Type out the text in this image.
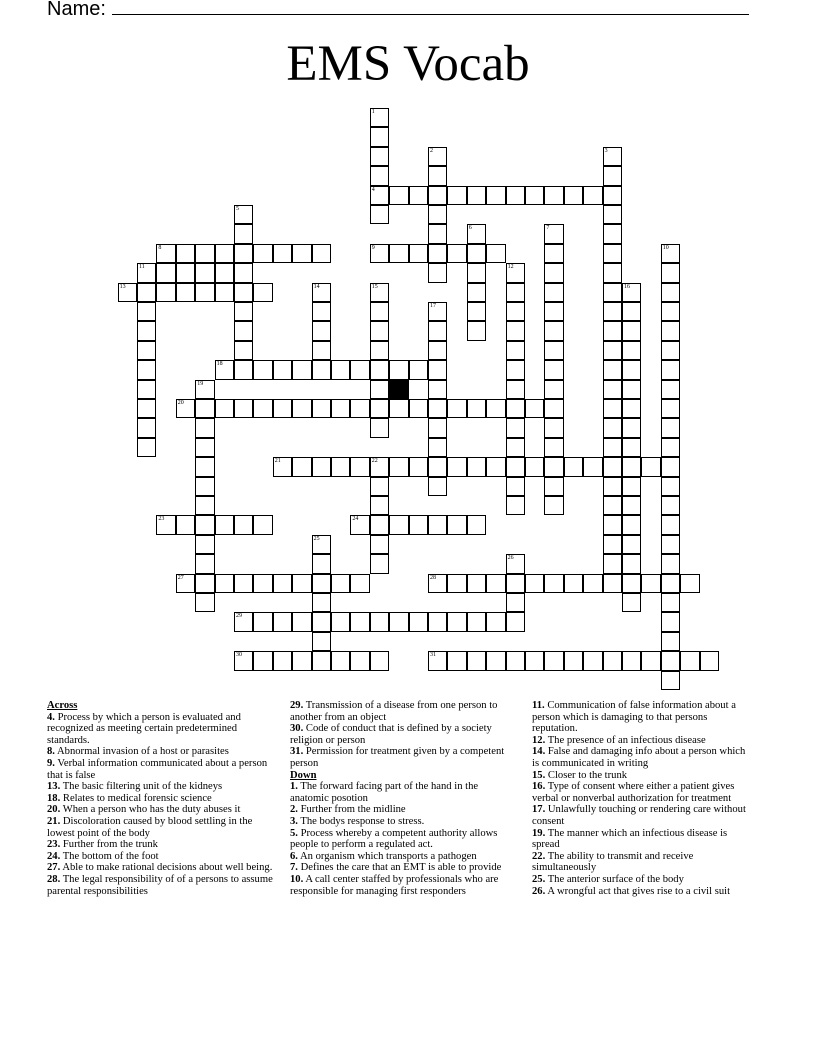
Name:
EMS Vocab
1
4
2	3
5
6	7
8	9	10
11	12
13	14	15	16
17
18
19
20
21	22
23	24
25
26
27	28
29
30	31
Across
4. Process by which a person is evaluated and recognized as meeting certain predetermined standards.
8. Abnormal invasion of a host or parasites
9. Verbal information communicated about a person that is false
13. The basic filtering unit of the kidneys
18. Relates to medical forensic science
20. When a person who has the duty abuses it
21. Discoloration caused by blood settling in the lowest point of the body
23. Further from the trunk
24. The bottom of the foot
27. Able to make rational decisions about well being.
28. The legal responsibility of of a persons to assume parental responsibilities
29. Transmission of a disease from one person to another from an object
30. Code of conduct that is defined by a society religion or person
31. Permission for treatment given by a competent person
Down
1. The forward facing part of the hand in the anatomic posotion
2. Further from the midline
3. The bodys response to stress.
5. Process whereby a competent authority allows people to perform a regulated act.
6. An organism which transports a pathogen
7. Defines the care that an EMT is able to provide
10. A call center staffed by professionals who are responsible for managing first responders
11. Communication of false information about a person which is damaging to that persons reputation.
12. The presence of an infectious disease
14. False and damaging info about a person which is communicated in writing
15. Closer to the trunk
16. Type of consent where either a patient gives verbal or nonverbal authorization for treatment
17. Unlawfully touching or rendering care without consent
19. The manner which an infectious disease is spread
22. The ability to transmit and receive simultaneously
25. The anterior surface of the body
26. A wrongful act that gives rise to a civil suit
